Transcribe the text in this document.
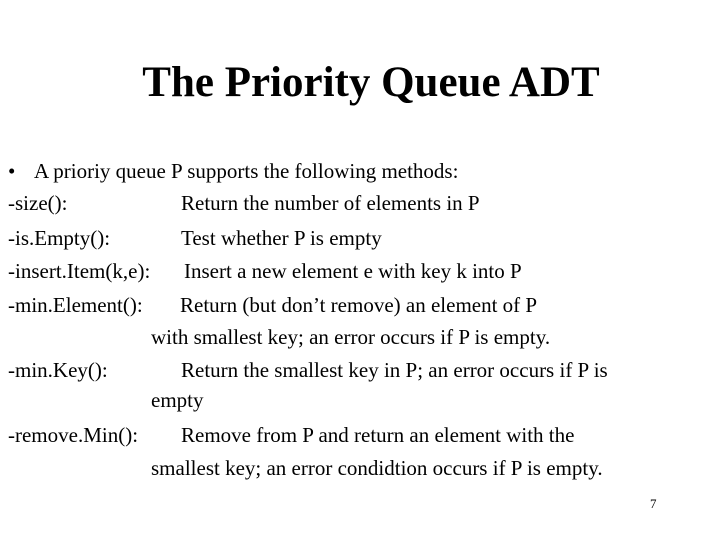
The Priority Queue ADT
• A prioriy queue P supports the following methods:
-size():	Return the number of elements in P
-is.Empty():	Test whether P is empty
-insert.Item(k,e): Insert a new element e with key k into P
-min.Element(): Return (but don’t remove) an element of P
with smallest key; an error occurs if P is empty.
-min.Key():	Return the smallest key in P; an error occurs if P is
empty
-remove.Min(): Remove from P and return an element with the
smallest key; an error condidtion occurs if P is empty.
7
